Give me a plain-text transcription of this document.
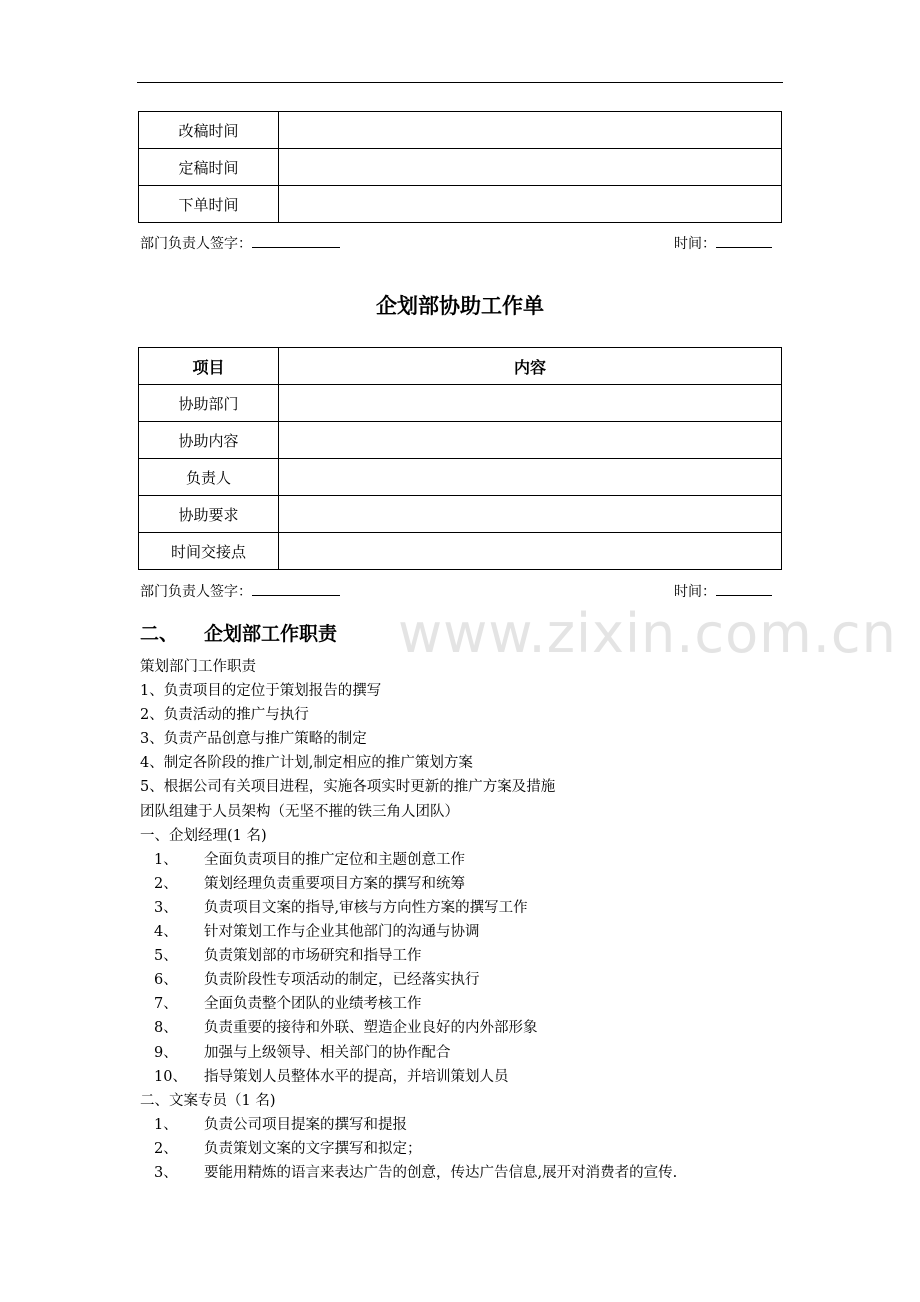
www.zixin.com.cn
改稿时间	
定稿时间	
下单时间	
部门负责人签字：	时间：
企划部协助工作单
项目	内容
协助部门	
协助内容	
负责人	
协助要求	
时间交接点	
部门负责人签字：	时间：
二、 企划部工作职责
策划部门工作职责
1、负责项目的定位于策划报告的撰写
2、负责活动的推广与执行
3、负责产品创意与推广策略的制定
4、制定各阶段的推广计划,制定相应的推广策划方案
5、根据公司有关项目进程，实施各项实时更新的推广方案及措施
团队组建于人员架构（无坚不摧的铁三角人团队）
一、企划经理(1 名)
1、 全面负责项目的推广定位和主题创意工作
2、 策划经理负责重要项目方案的撰写和统筹
3、 负责项目文案的指导,审核与方向性方案的撰写工作
4、 针对策划工作与企业其他部门的沟通与协调
5、 负责策划部的市场研究和指导工作
6、 负责阶段性专项活动的制定，已经落实执行
7、 全面负责整个团队的业绩考核工作
8、 负责重要的接待和外联、塑造企业良好的内外部形象
9、 加强与上级领导、相关部门的协作配合
10、 指导策划人员整体水平的提高，并培训策划人员
二、文案专员（1 名)
1、 负责公司项目提案的撰写和提报
2、 负责策划文案的文字撰写和拟定；
3、 要能用精炼的语言来表达广告的创意，传达广告信息,展开对消费者的宣传.
